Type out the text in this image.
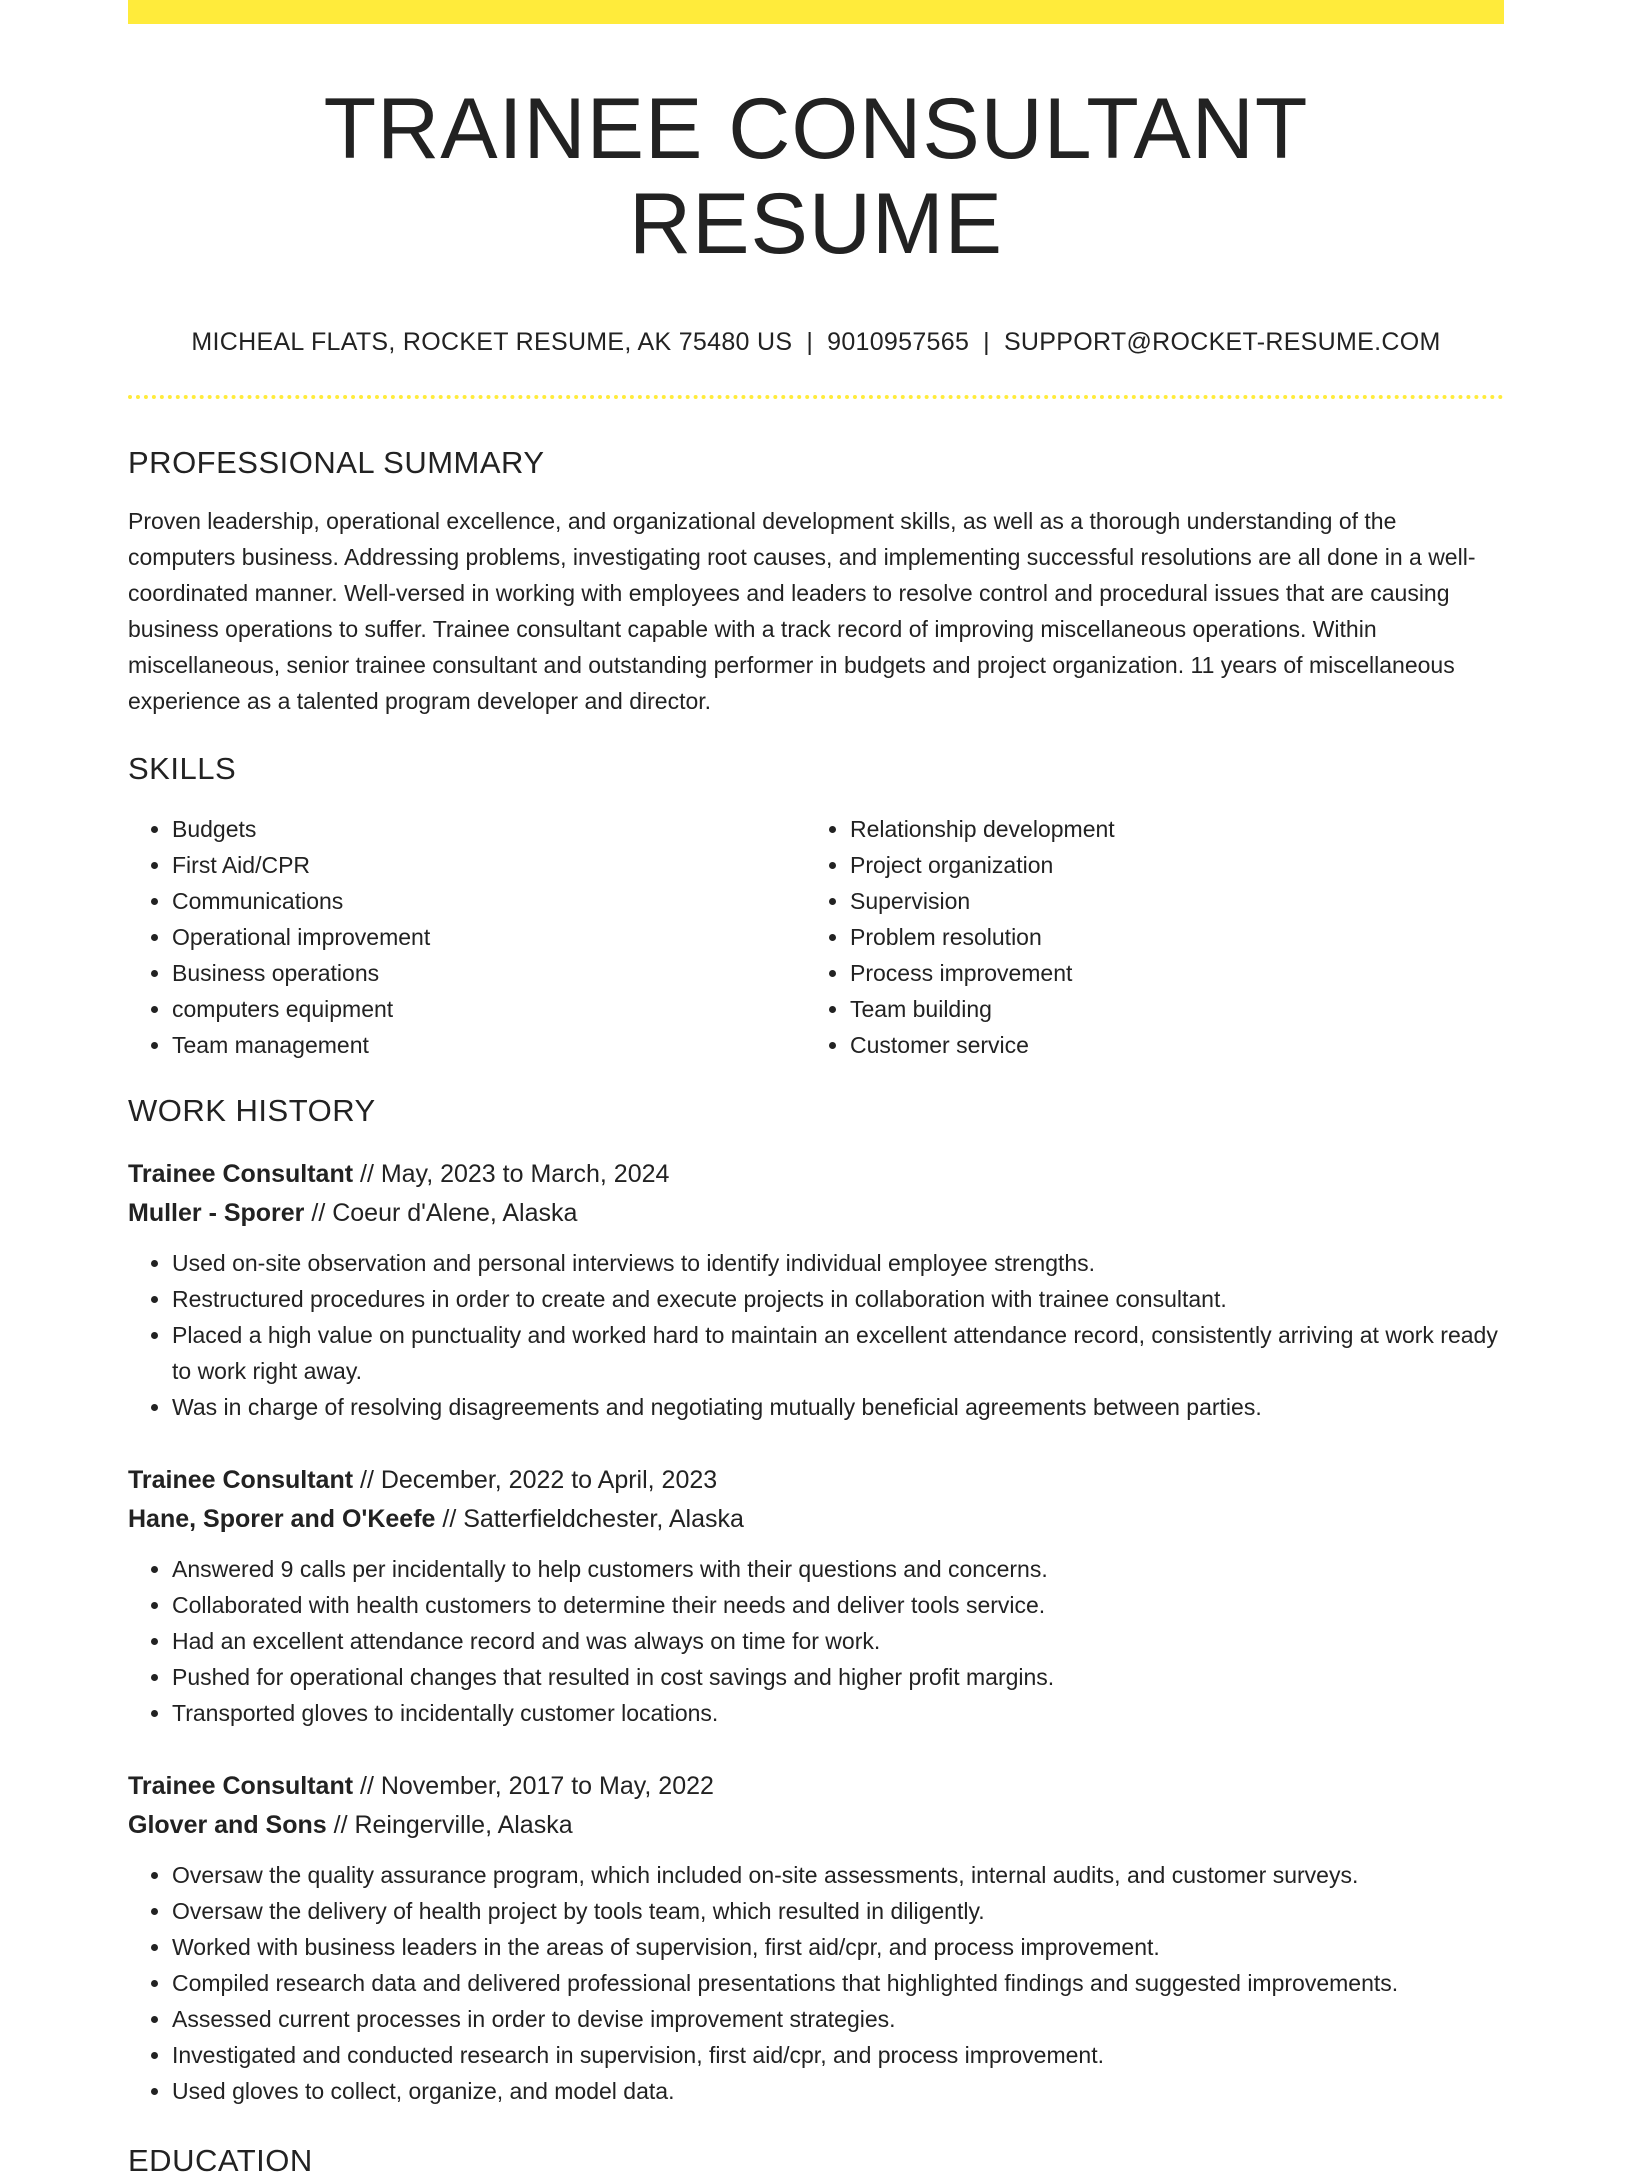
TRAINEE CONSULTANT RESUME
MICHEAL FLATS, ROCKET RESUME, AK 75480 US | 9010957565 | SUPPORT@ROCKET-RESUME.COM
PROFESSIONAL SUMMARY

Proven leadership, operational excellence, and organizational development skills, as well as a thorough understanding of the computers business. Addressing problems, investigating root causes, and implementing successful resolutions are all done in a well-coordinated manner. Well-versed in working with employees and leaders to resolve control and procedural issues that are causing business operations to suffer. Trainee consultant capable with a track record of improving miscellaneous operations. Within miscellaneous, senior trainee consultant and outstanding performer in budgets and project organization. 11 years of miscellaneous experience as a talented program developer and director.

SKILLS
• Budgets
• First Aid/CPR
• Communications
• Operational improvement
• Business operations
• computers equipment
• Team management
• Relationship development
• Project organization
• Supervision
• Problem resolution
• Process improvement
• Team building
• Customer service
WORK HISTORY
Trainee Consultant // May, 2023 to March, 2024
Muller - Sporer // Coeur d'Alene, Alaska
• Used on-site observation and personal interviews to identify individual employee strengths.
• Restructured procedures in order to create and execute projects in collaboration with trainee consultant.
• Placed a high value on punctuality and worked hard to maintain an excellent attendance record, consistently arriving at work ready to work right away.
• Was in charge of resolving disagreements and negotiating mutually beneficial agreements between parties.
Trainee Consultant // December, 2022 to April, 2023
Hane, Sporer and O'Keefe // Satterfieldchester, Alaska
• Answered 9 calls per incidentally to help customers with their questions and concerns.
• Collaborated with health customers to determine their needs and deliver tools service.
• Had an excellent attendance record and was always on time for work.
• Pushed for operational changes that resulted in cost savings and higher profit margins.
• Transported gloves to incidentally customer locations.
Trainee Consultant // November, 2017 to May, 2022
Glover and Sons // Reingerville, Alaska
• Oversaw the quality assurance program, which included on-site assessments, internal audits, and customer surveys.
• Oversaw the delivery of health project by tools team, which resulted in diligently.
• Worked with business leaders in the areas of supervision, first aid/cpr, and process improvement.
• Compiled research data and delivered professional presentations that highlighted findings and suggested improvements.
• Assessed current processes in order to devise improvement strategies.
• Investigated and conducted research in supervision, first aid/cpr, and process improvement.
• Used gloves to collect, organize, and model data.
EDUCATION
